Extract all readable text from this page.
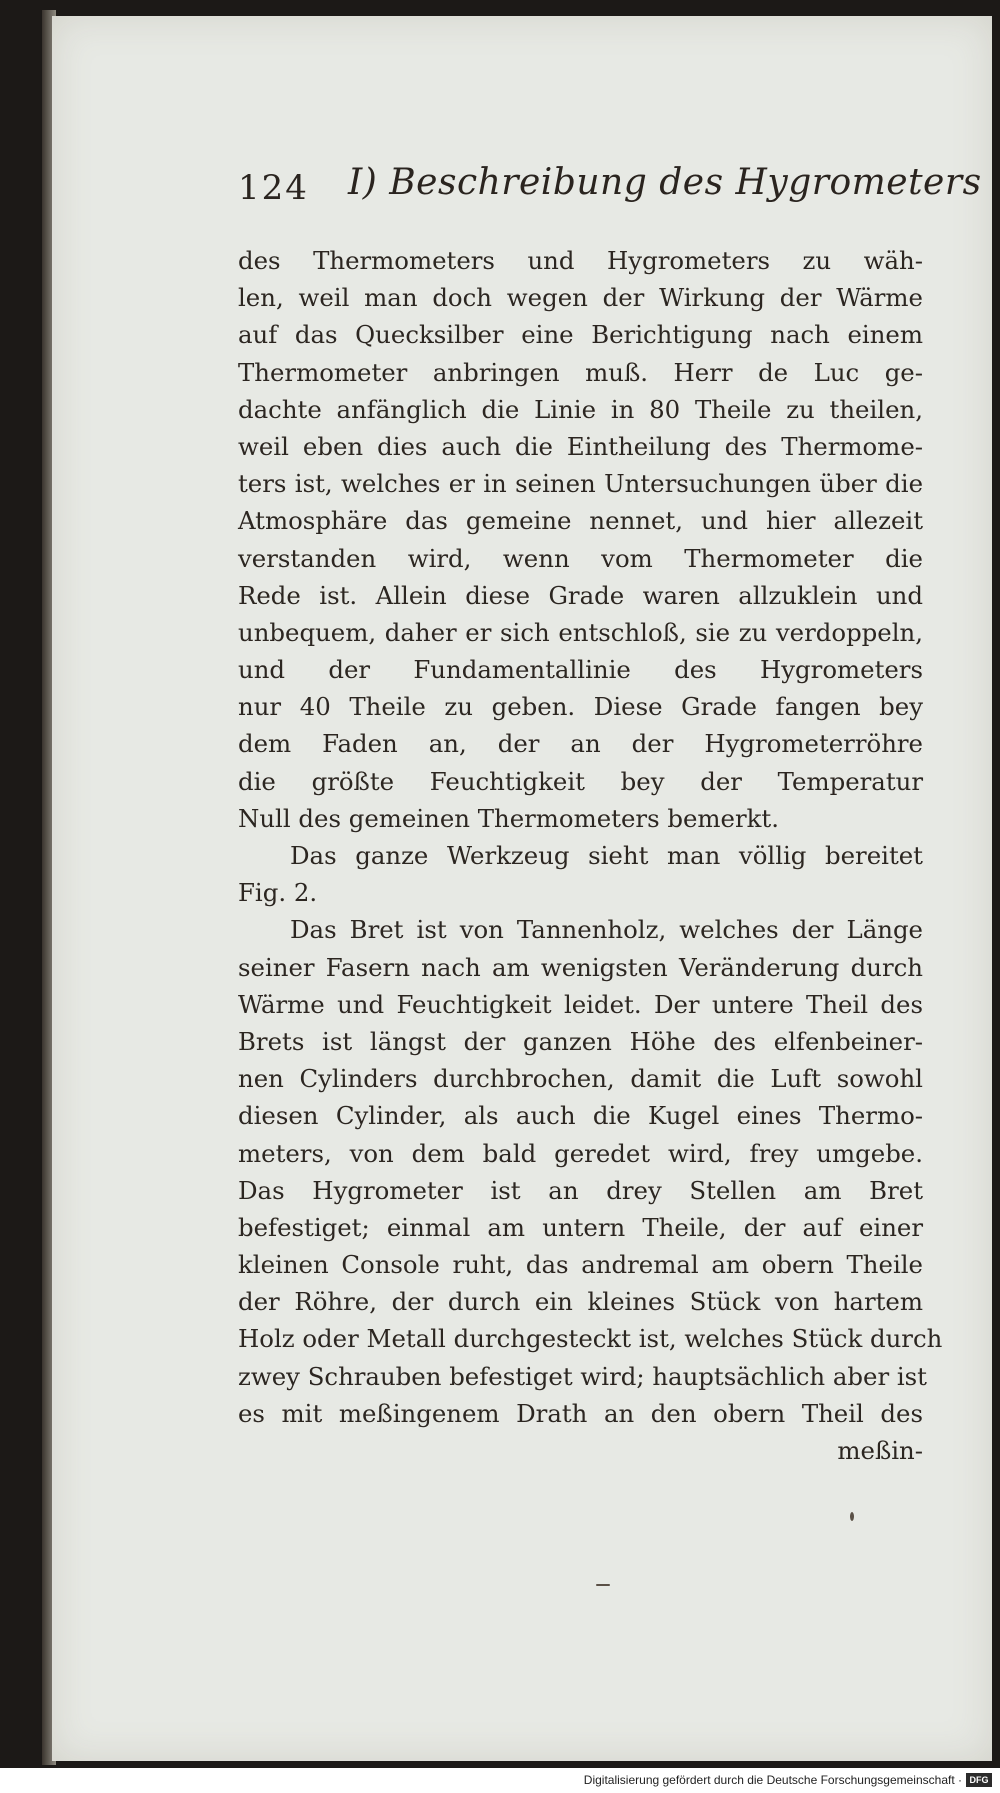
124 I) Beschreibung des Hygrometers
des Thermometers und Hygrometers zu wäh-
len, weil man doch wegen der Wirkung der Wärme
auf das Quecksilber eine Berichtigung nach einem
Thermometer anbringen muß. Herr de Luc ge-
dachte anfänglich die Linie in 80 Theile zu theilen,
weil eben dies auch die Eintheilung des Thermome-
ters ist, welches er in seinen Untersuchungen über die
Atmosphäre das gemeine nennet, und hier allezeit
verstanden wird, wenn vom Thermometer die
Rede ist. Allein diese Grade waren allzuklein und
unbequem, daher er sich entschloß, sie zu verdoppeln,
und der Fundamentallinie des Hygrometers
nur 40 Theile zu geben. Diese Grade fangen bey
dem Faden an, der an der Hygrometerröhre
die größte Feuchtigkeit bey der Temperatur
Null des gemeinen Thermometers bemerkt.
Das ganze Werkzeug sieht man völlig bereitet
Fig. 2.
Das Bret ist von Tannenholz, welches der Länge
seiner Fasern nach am wenigsten Veränderung durch
Wärme und Feuchtigkeit leidet. Der untere Theil des
Brets ist längst der ganzen Höhe des elfenbeiner-
nen Cylinders durchbrochen, damit die Luft sowohl
diesen Cylinder, als auch die Kugel eines Thermo-
meters, von dem bald geredet wird, frey umgebe.
Das Hygrometer ist an drey Stellen am Bret
befestiget; einmal am untern Theile, der auf einer
kleinen Console ruht, das andremal am obern Theile
der Röhre, der durch ein kleines Stück von hartem
Holz oder Metall durchgesteckt ist, welches Stück durch
zwey Schrauben befestiget wird; hauptsächlich aber ist
es mit meßingenem Drath an den obern Theil des
meßin-
Digitalisierung gefördert durch die Deutsche Forschungsgemeinschaft · DFG
